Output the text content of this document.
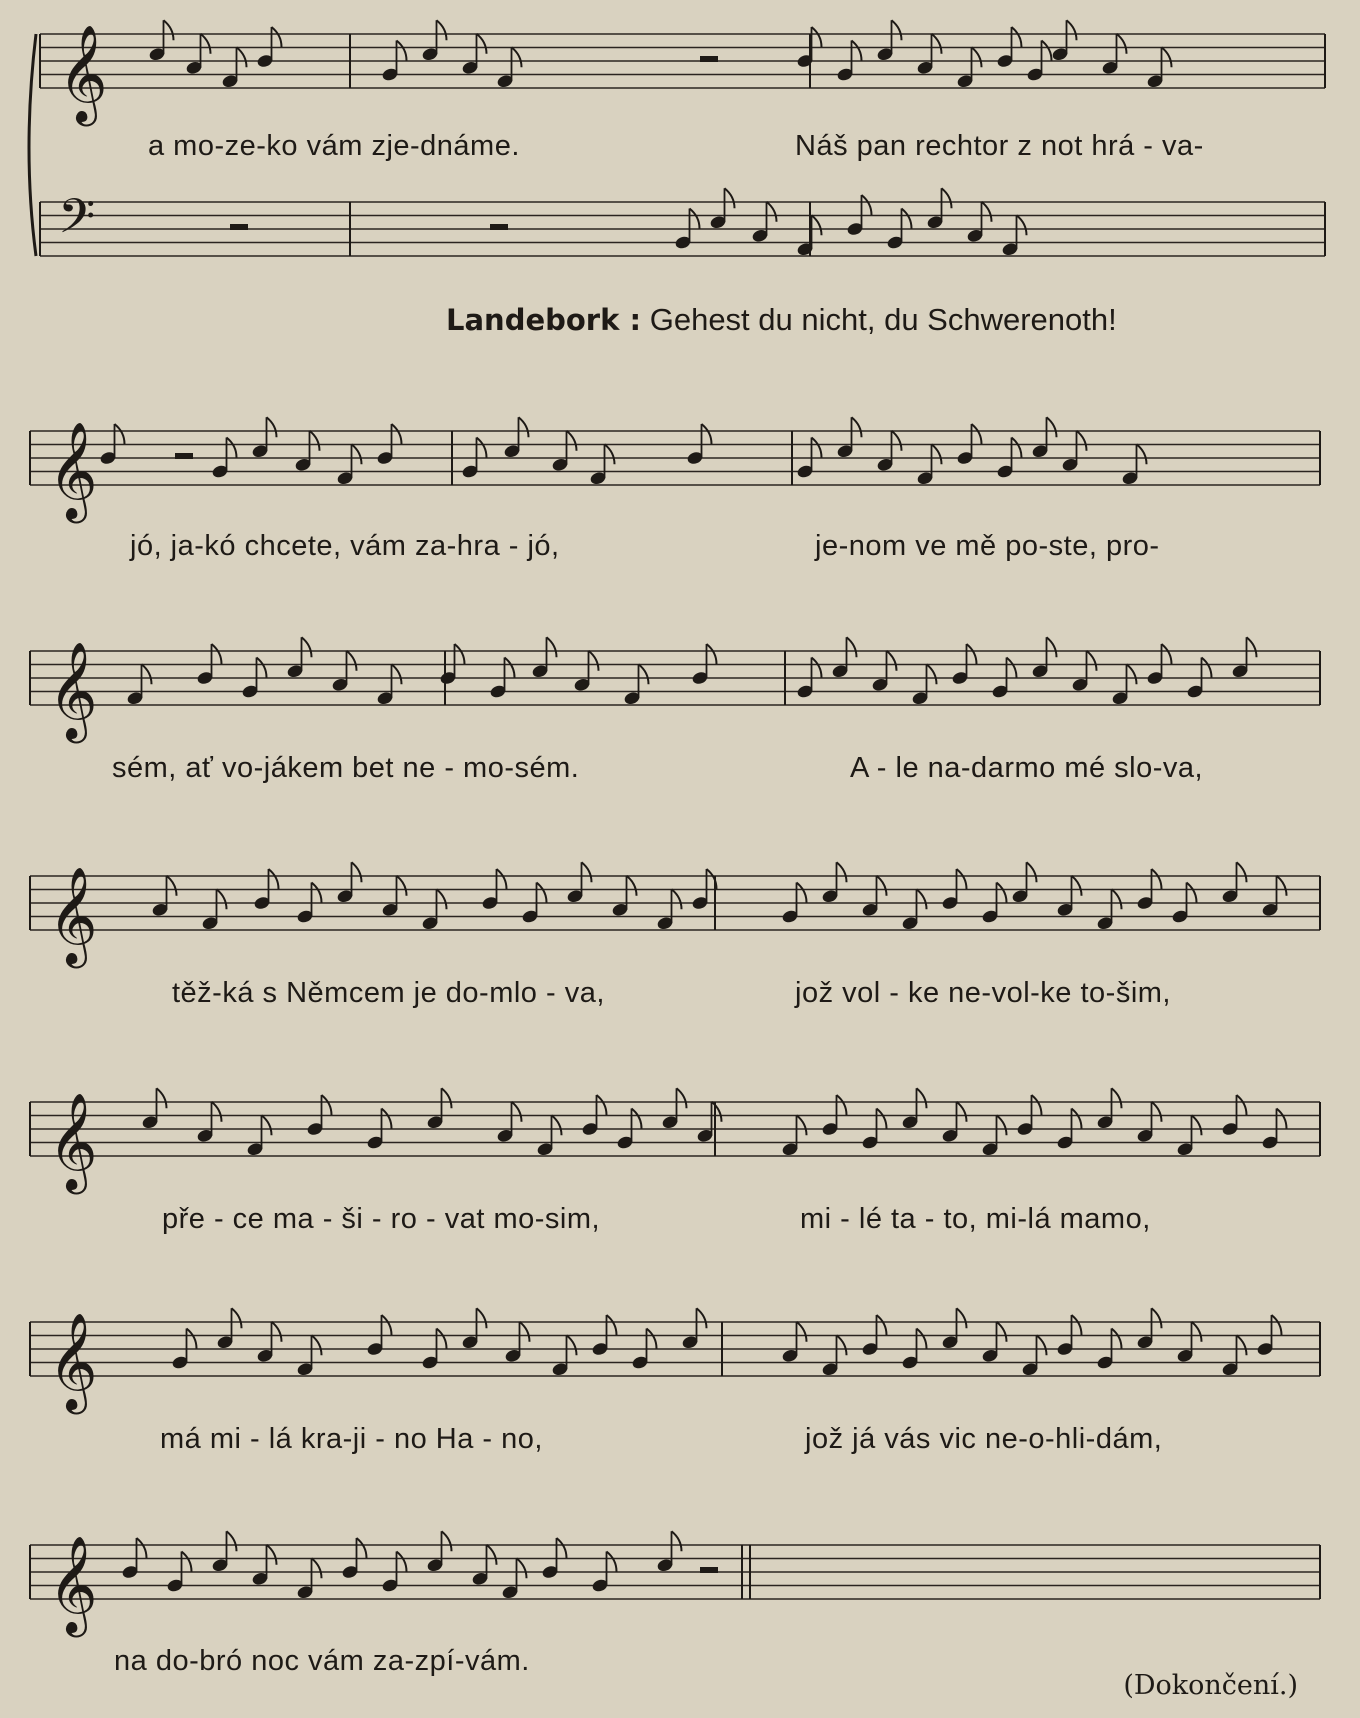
𝄞
𝄢
𝄞
𝄞
𝄞
𝄞
𝄞
𝄞
a mo-ze-ko vám zje-dnáme.	Náš pan rechtor z not hrá - va-
Landebork : Gehest du nicht, du Schwerenoth!
jó, ja-kó chcete, vám za-hra - jó,	je-nom ve mě po-ste, pro-
sém, ať vo-jákem bet ne - mo-sém.	A - le na-darmo mé slo-va,
těž-ká s Němcem je do-mlo - va,	jož vol - ke ne-vol-ke to-šim,
pře - ce ma - ši - ro - vat mo-sim,	mi - lé ta - to, mi-lá mamo,
má mi - lá kra-ji - no Ha - no,	jož já vás vic ne-o-hli-dám,
na do-bró noc vám za-zpí-vám.
(Dokončení.)
